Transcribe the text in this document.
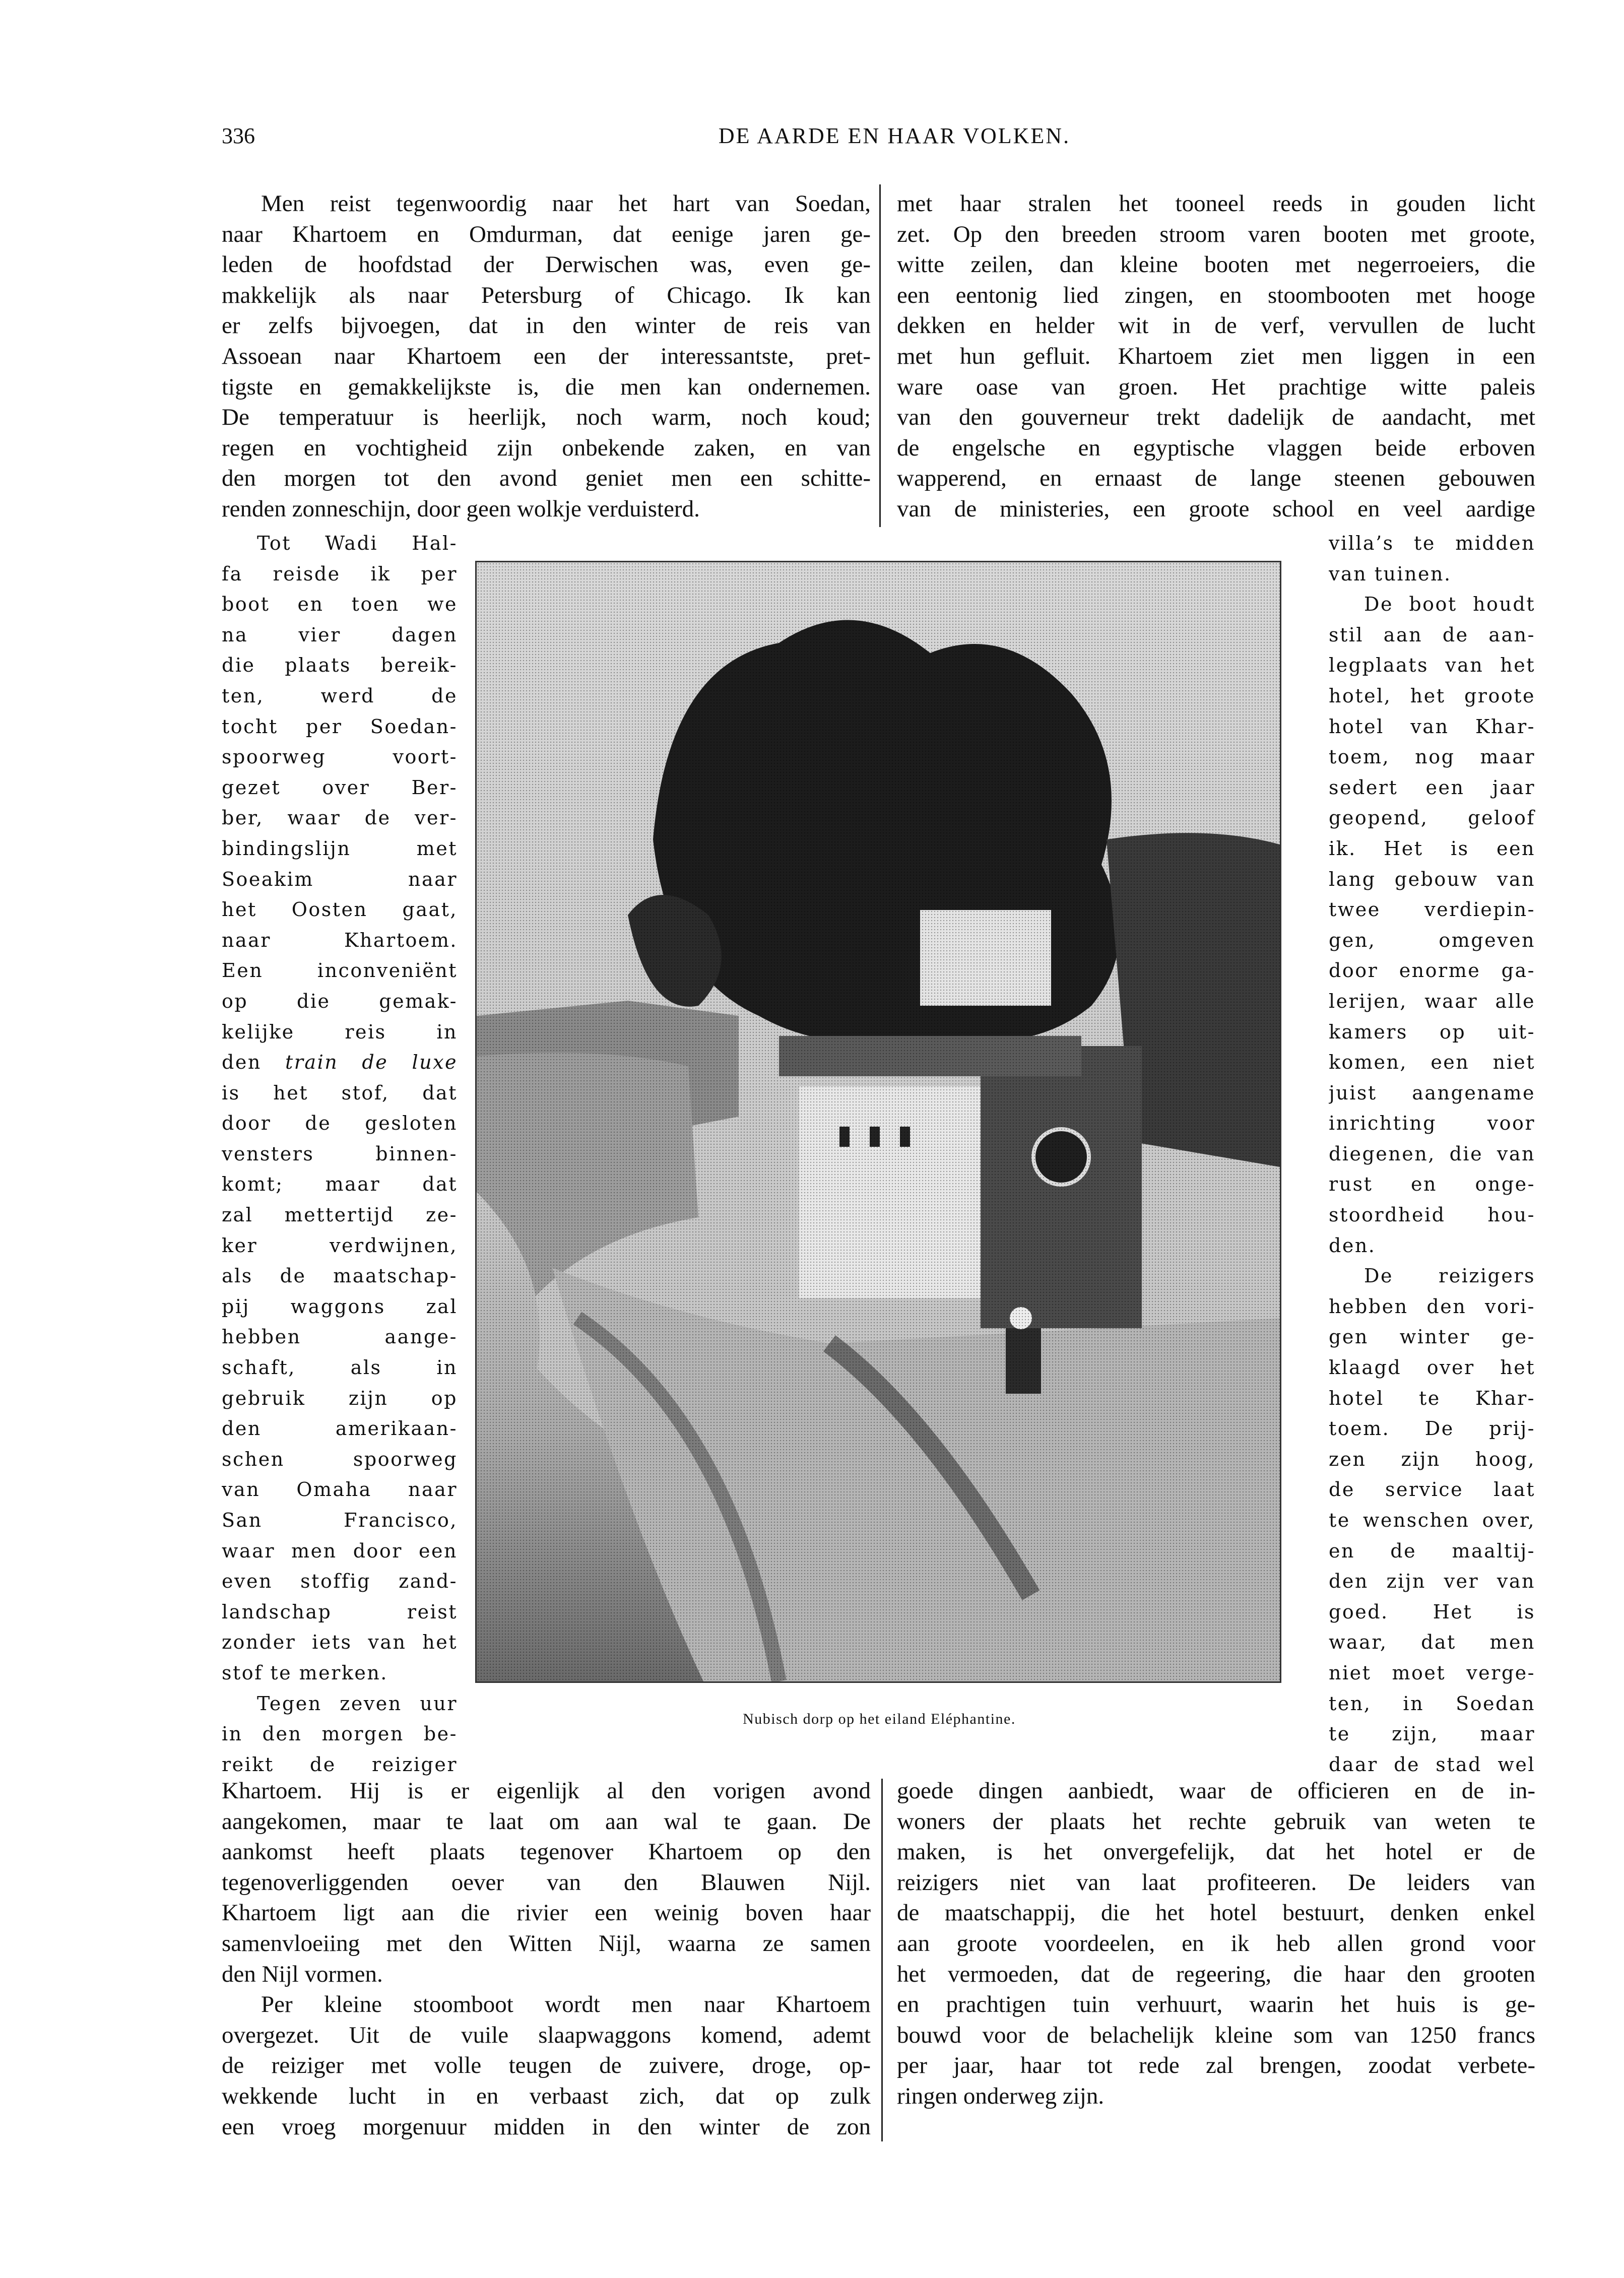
336	DE AARDE EN HAAR VOLKEN.
Men reist tegenwoordig naar het hart van Soedan,
naar Khartoem en Omdurman, dat eenige jaren ge-
leden de hoofdstad der Derwischen was, even ge-
makkelijk als naar Petersburg of Chicago. Ik kan
er zelfs bijvoegen, dat in den winter de reis van
Assoean naar Khartoem een der interessantste, pret-
tigste en gemakkelijkste is, die men kan ondernemen.
De temperatuur is heerlijk, noch warm, noch koud;
regen en vochtigheid zijn onbekende zaken, en van
den morgen tot den avond geniet men een schitte-
renden zonneschijn, door geen wolkje verduisterd.
met haar stralen het tooneel reeds in gouden licht
zet. Op den breeden stroom varen booten met groote,
witte zeilen, dan kleine booten met negerroeiers, die
een eentonig lied zingen, en stoombooten met hooge
dekken en helder wit in de verf, vervullen de lucht
met hun gefluit. Khartoem ziet men liggen in een
ware oase van groen. Het prachtige witte paleis
van den gouverneur trekt dadelijk de aandacht, met
de engelsche en egyptische vlaggen beide erboven
wapperend, en ernaast de lange steenen gebouwen
van de ministeries, een groote school en veel aardige
Tot Wadi Hal-
fa reisde ik per
boot en toen we
na vier dagen
die plaats bereik-
ten, werd de
tocht per Soedan-
spoorweg voort-
gezet over Ber-
ber, waar de ver-
bindingslijn met
Soeakim naar
het Oosten gaat,
naar Khartoem.
Een inconveniënt
op die gemak-
kelijke reis in
den train de luxe
is het stof, dat
door de gesloten
vensters binnen-
komt; maar dat
zal mettertijd ze-
ker verdwijnen,
als de maatschap-
pij waggons zal
hebben aange-
schaft, als in
gebruik zijn op
den amerikaan-
schen spoorweg
van Omaha naar
San Francisco,
waar men door een
even stoffig zand-
landschap reist
zonder iets van het
stof te merken.
Tegen zeven uur
in den morgen be-
reikt de reiziger
villa’s te midden
van tuinen.
De boot houdt
stil aan de aan-
legplaats van het
hotel, het groote
hotel van Khar-
toem, nog maar
sedert een jaar
geopend, geloof
ik. Het is een
lang gebouw van
twee verdiepin-
gen, omgeven
door enorme ga-
lerijen, waar alle
kamers op uit-
komen, een niet
juist aangename
inrichting voor
diegenen, die van
rust en onge-
stoordheid hou-
den.
De reizigers
hebben den vori-
gen winter ge-
klaagd over het
hotel te Khar-
toem. De prij-
zen zijn hoog,
de service laat
te wenschen over,
en de maaltij-
den zijn ver van
goed. Het is
waar, dat men
niet moet verge-
ten, in Soedan
te zijn, maar
daar de stad wel
Khartoem. Hij is er eigenlijk al den vorigen avond
aangekomen, maar te laat om aan wal te gaan. De
aankomst heeft plaats tegenover Khartoem op den
tegenoverliggenden oever van den Blauwen Nijl.
Khartoem ligt aan die rivier een weinig boven haar
samenvloeiing met den Witten Nijl, waarna ze samen
den Nijl vormen.
Per kleine stoomboot wordt men naar Khartoem
overgezet. Uit de vuile slaapwaggons komend, ademt
de reiziger met volle teugen de zuivere, droge, op-
wekkende lucht in en verbaast zich, dat op zulk
een vroeg morgenuur midden in den winter de zon
goede dingen aanbiedt, waar de officieren en de in-
woners der plaats het rechte gebruik van weten te
maken, is het onvergefelijk, dat het hotel er de
reizigers niet van laat profiteeren. De leiders van
de maatschappij, die het hotel bestuurt, denken enkel
aan groote voordeelen, en ik heb allen grond voor
het vermoeden, dat de regeering, die haar den grooten
en prachtigen tuin verhuurt, waarin het huis is ge-
bouwd voor de belachelijk kleine som van 1250 francs
per jaar, haar tot rede zal brengen, zoodat verbete-
ringen onderweg zijn.
Nubisch dorp op het eiland Eléphantine.
